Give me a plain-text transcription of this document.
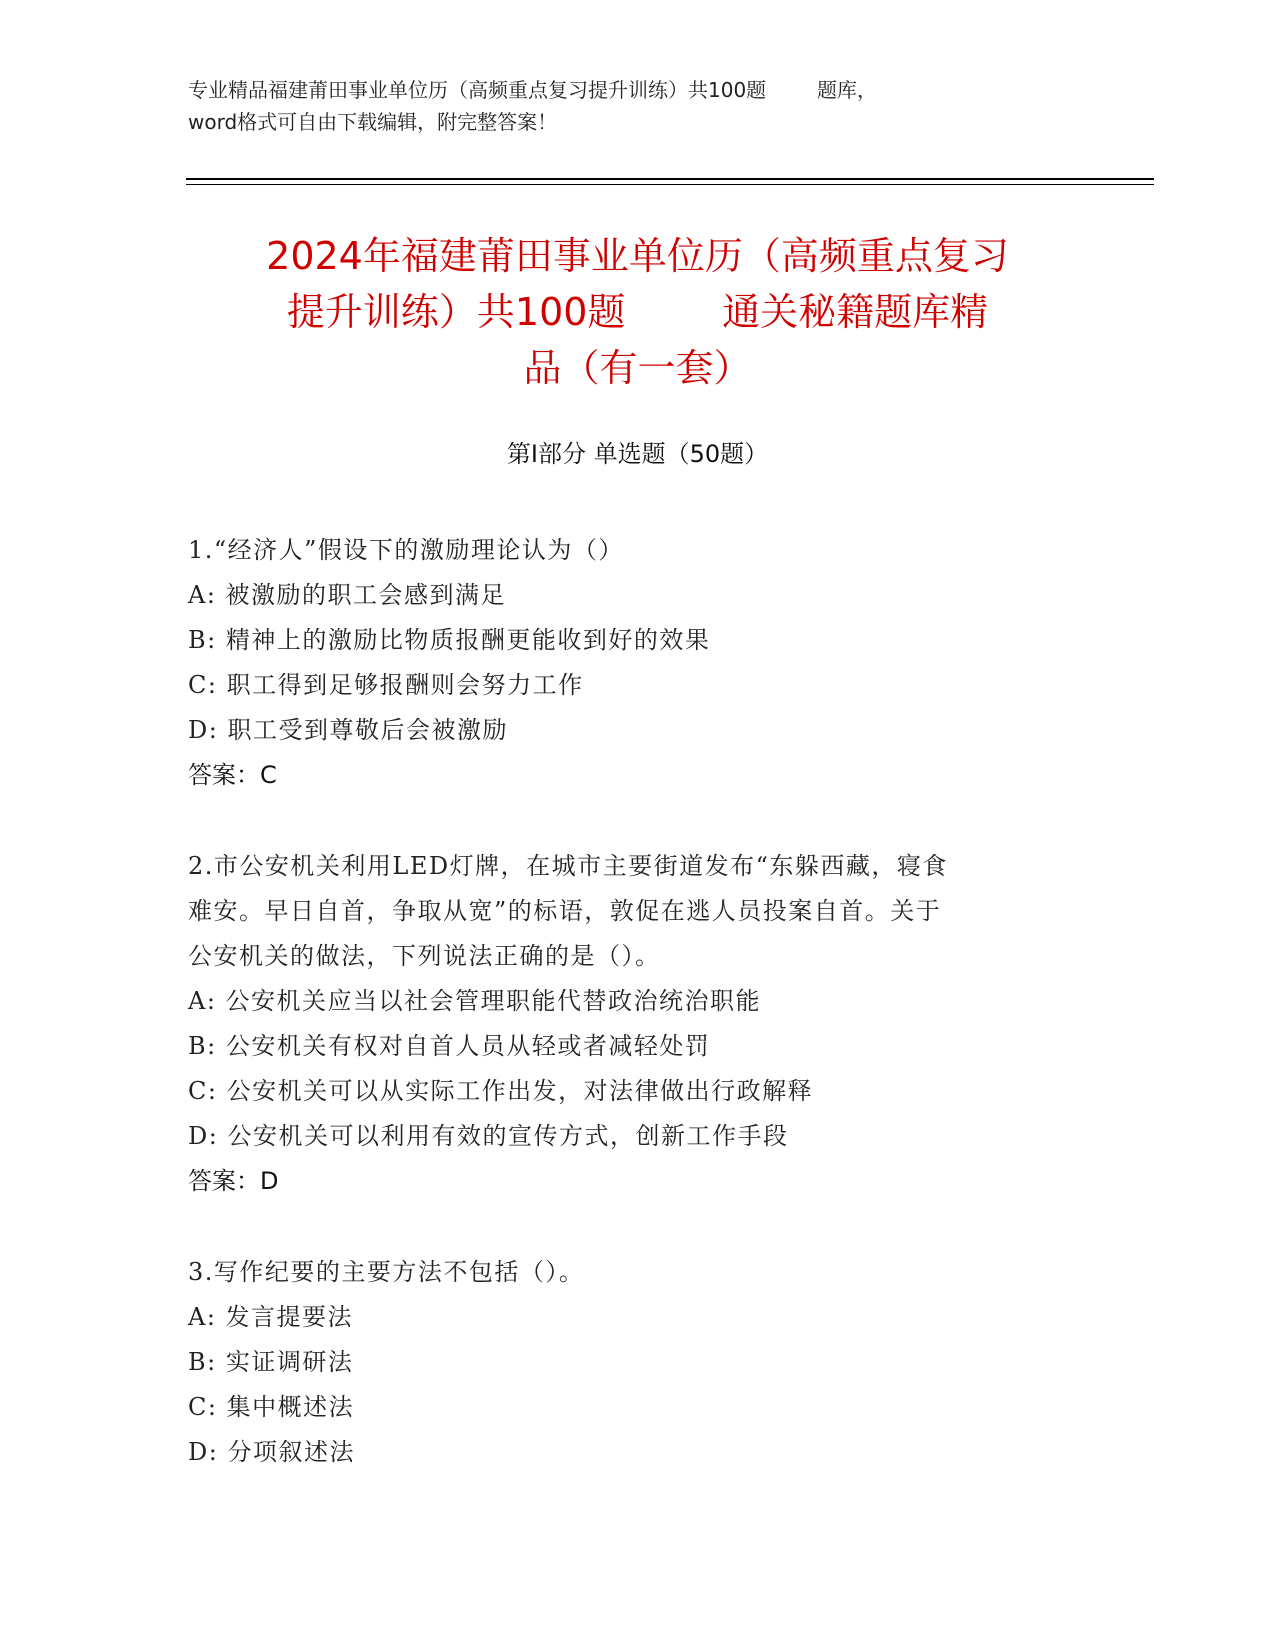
专业精品福建莆田事业单位历（高频重点复习提升训练）共100题        题库，
word格式可自由下载编辑，附完整答案！
2024年福建莆田事业单位历（高频重点复习
提升训练）共100题        通关秘籍题库精
品（有一套）
第Ⅰ部分 单选题（50题）
1.“经济人”假设下的激励理论认为（）
A: 被激励的职工会感到满足
B: 精神上的激励比物质报酬更能收到好的效果
C: 职工得到足够报酬则会努力工作
D: 职工受到尊敬后会被激励
答案：C
2.市公安机关利用LED灯牌，在城市主要街道发布“东躲西藏，寝食
难安。早日自首，争取从宽”的标语，敦促在逃人员投案自首。关于
公安机关的做法，下列说法正确的是（）。
A: 公安机关应当以社会管理职能代替政治统治职能
B: 公安机关有权对自首人员从轻或者减轻处罚
C: 公安机关可以从实际工作出发，对法律做出行政解释
D: 公安机关可以利用有效的宣传方式，创新工作手段
答案：D
3.写作纪要的主要方法不包括（）。
A: 发言提要法
B: 实证调研法
C: 集中概述法
D: 分项叙述法
